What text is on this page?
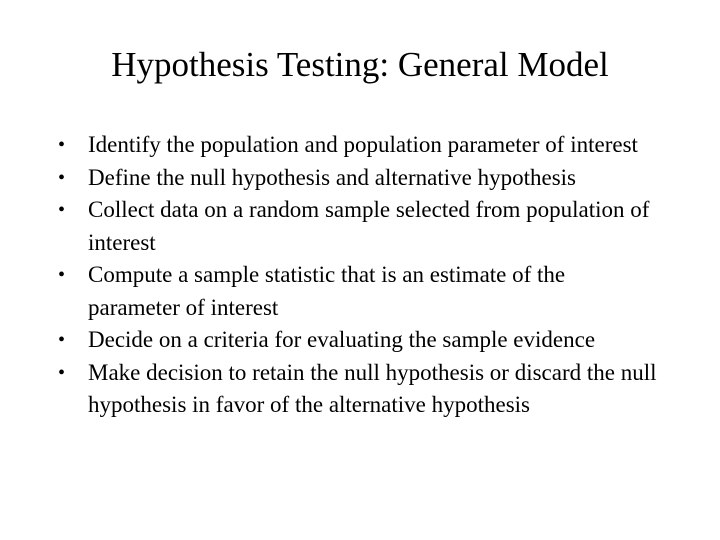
Hypothesis Testing: General Model
• Identify the population and population parameter of interest
• Define the null hypothesis and alternative hypothesis
• Collect data on a random sample selected from population of interest
• Compute a sample statistic that is an estimate of the parameter of interest
• Decide on a criteria for evaluating the sample evidence
• Make decision to retain the null hypothesis or discard the null hypothesis in favor of the alternative hypothesis
